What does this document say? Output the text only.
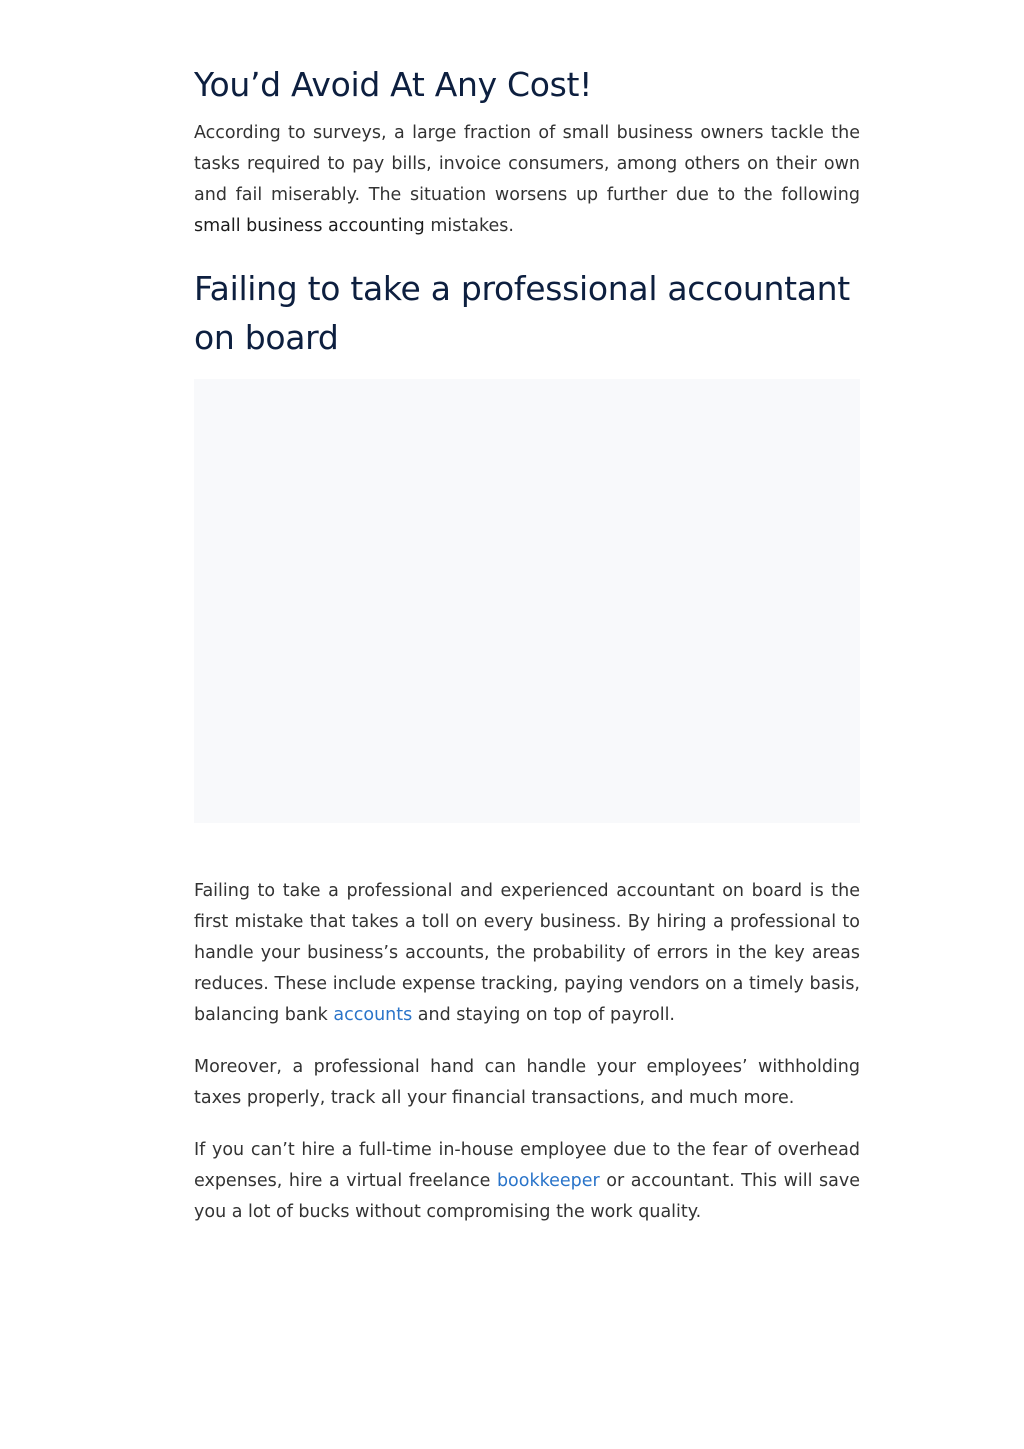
You’d Avoid At Any Cost!

According to surveys, a large fraction of small business owners tackle the tasks required to pay bills, invoice consumers, among others on their own and fail miserably. The situation worsens up further due to the following small business accounting mistakes.

Failing to take a professional accountant on board

Failing to take a professional and experienced accountant on board is the first mistake that takes a toll on every business. By hiring a professional to handle your business’s accounts, the probability of errors in the key areas reduces. These include expense tracking, paying vendors on a timely basis, balancing bank accounts and staying on top of payroll.

Moreover, a professional hand can handle your employees’ withholding taxes properly, track all your financial transactions, and much more.

If you can’t hire a full-time in-house employee due to the fear of overhead expenses, hire a virtual freelance bookkeeper or accountant. This will save you a lot of bucks without compromising the work quality.
